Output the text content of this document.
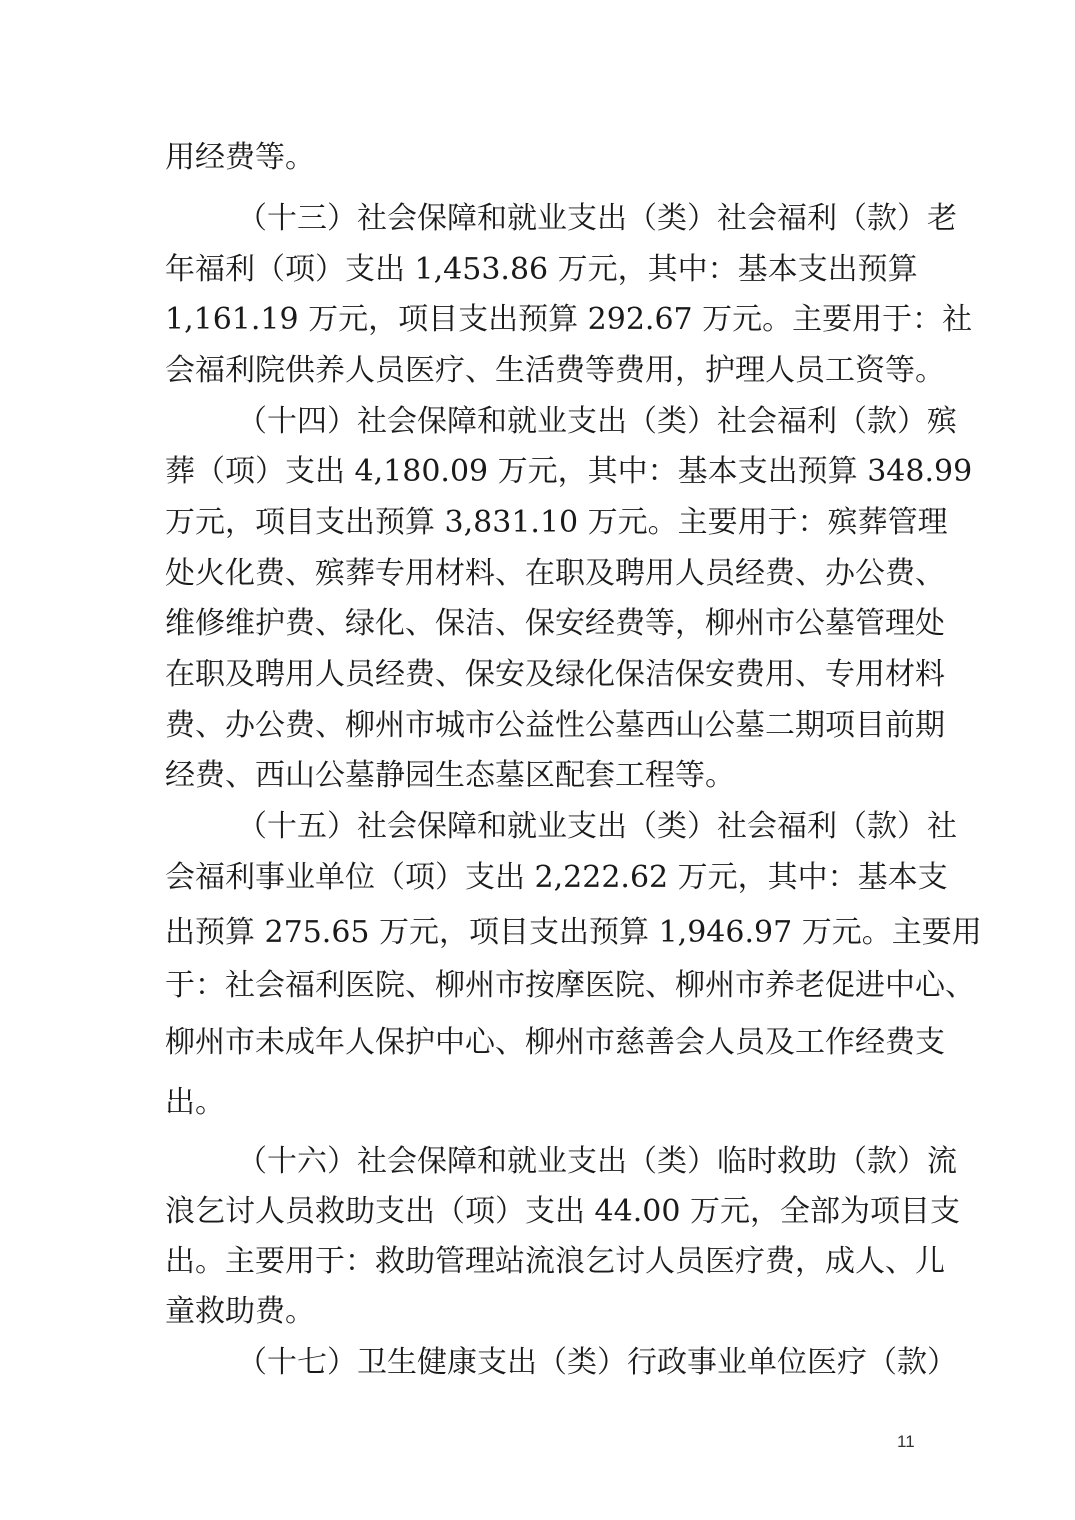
用经费等。
（十三）社会保障和就业支出（类）社会福利（款）老
年福利（项）支出 1,453.86 万元，其中：基本支出预算
1,161.19 万元，项目支出预算 292.67 万元。主要用于：社
会福利院供养人员医疗、生活费等费用，护理人员工资等。
（十四）社会保障和就业支出（类）社会福利（款）殡
葬（项）支出 4,180.09 万元，其中：基本支出预算 348.99
万元，项目支出预算 3,831.10 万元。主要用于：殡葬管理
处火化费、殡葬专用材料、在职及聘用人员经费、办公费、
维修维护费、绿化、保洁、保安经费等，柳州市公墓管理处
在职及聘用人员经费、保安及绿化保洁保安费用、专用材料
费、办公费、柳州市城市公益性公墓西山公墓二期项目前期
经费、西山公墓静园生态墓区配套工程等。
（十五）社会保障和就业支出（类）社会福利（款）社
会福利事业单位（项）支出 2,222.62 万元，其中：基本支
出预算 275.65 万元，项目支出预算 1,946.97 万元。主要用
于：社会福利医院、柳州市按摩医院、柳州市养老促进中心、
柳州市未成年人保护中心、柳州市慈善会人员及工作经费支
出。
（十六）社会保障和就业支出（类）临时救助（款）流
浪乞讨人员救助支出（项）支出 44.00 万元，全部为项目支
出。主要用于：救助管理站流浪乞讨人员医疗费，成人、儿
童救助费。
（十七）卫生健康支出（类）行政事业单位医疗（款）
11
